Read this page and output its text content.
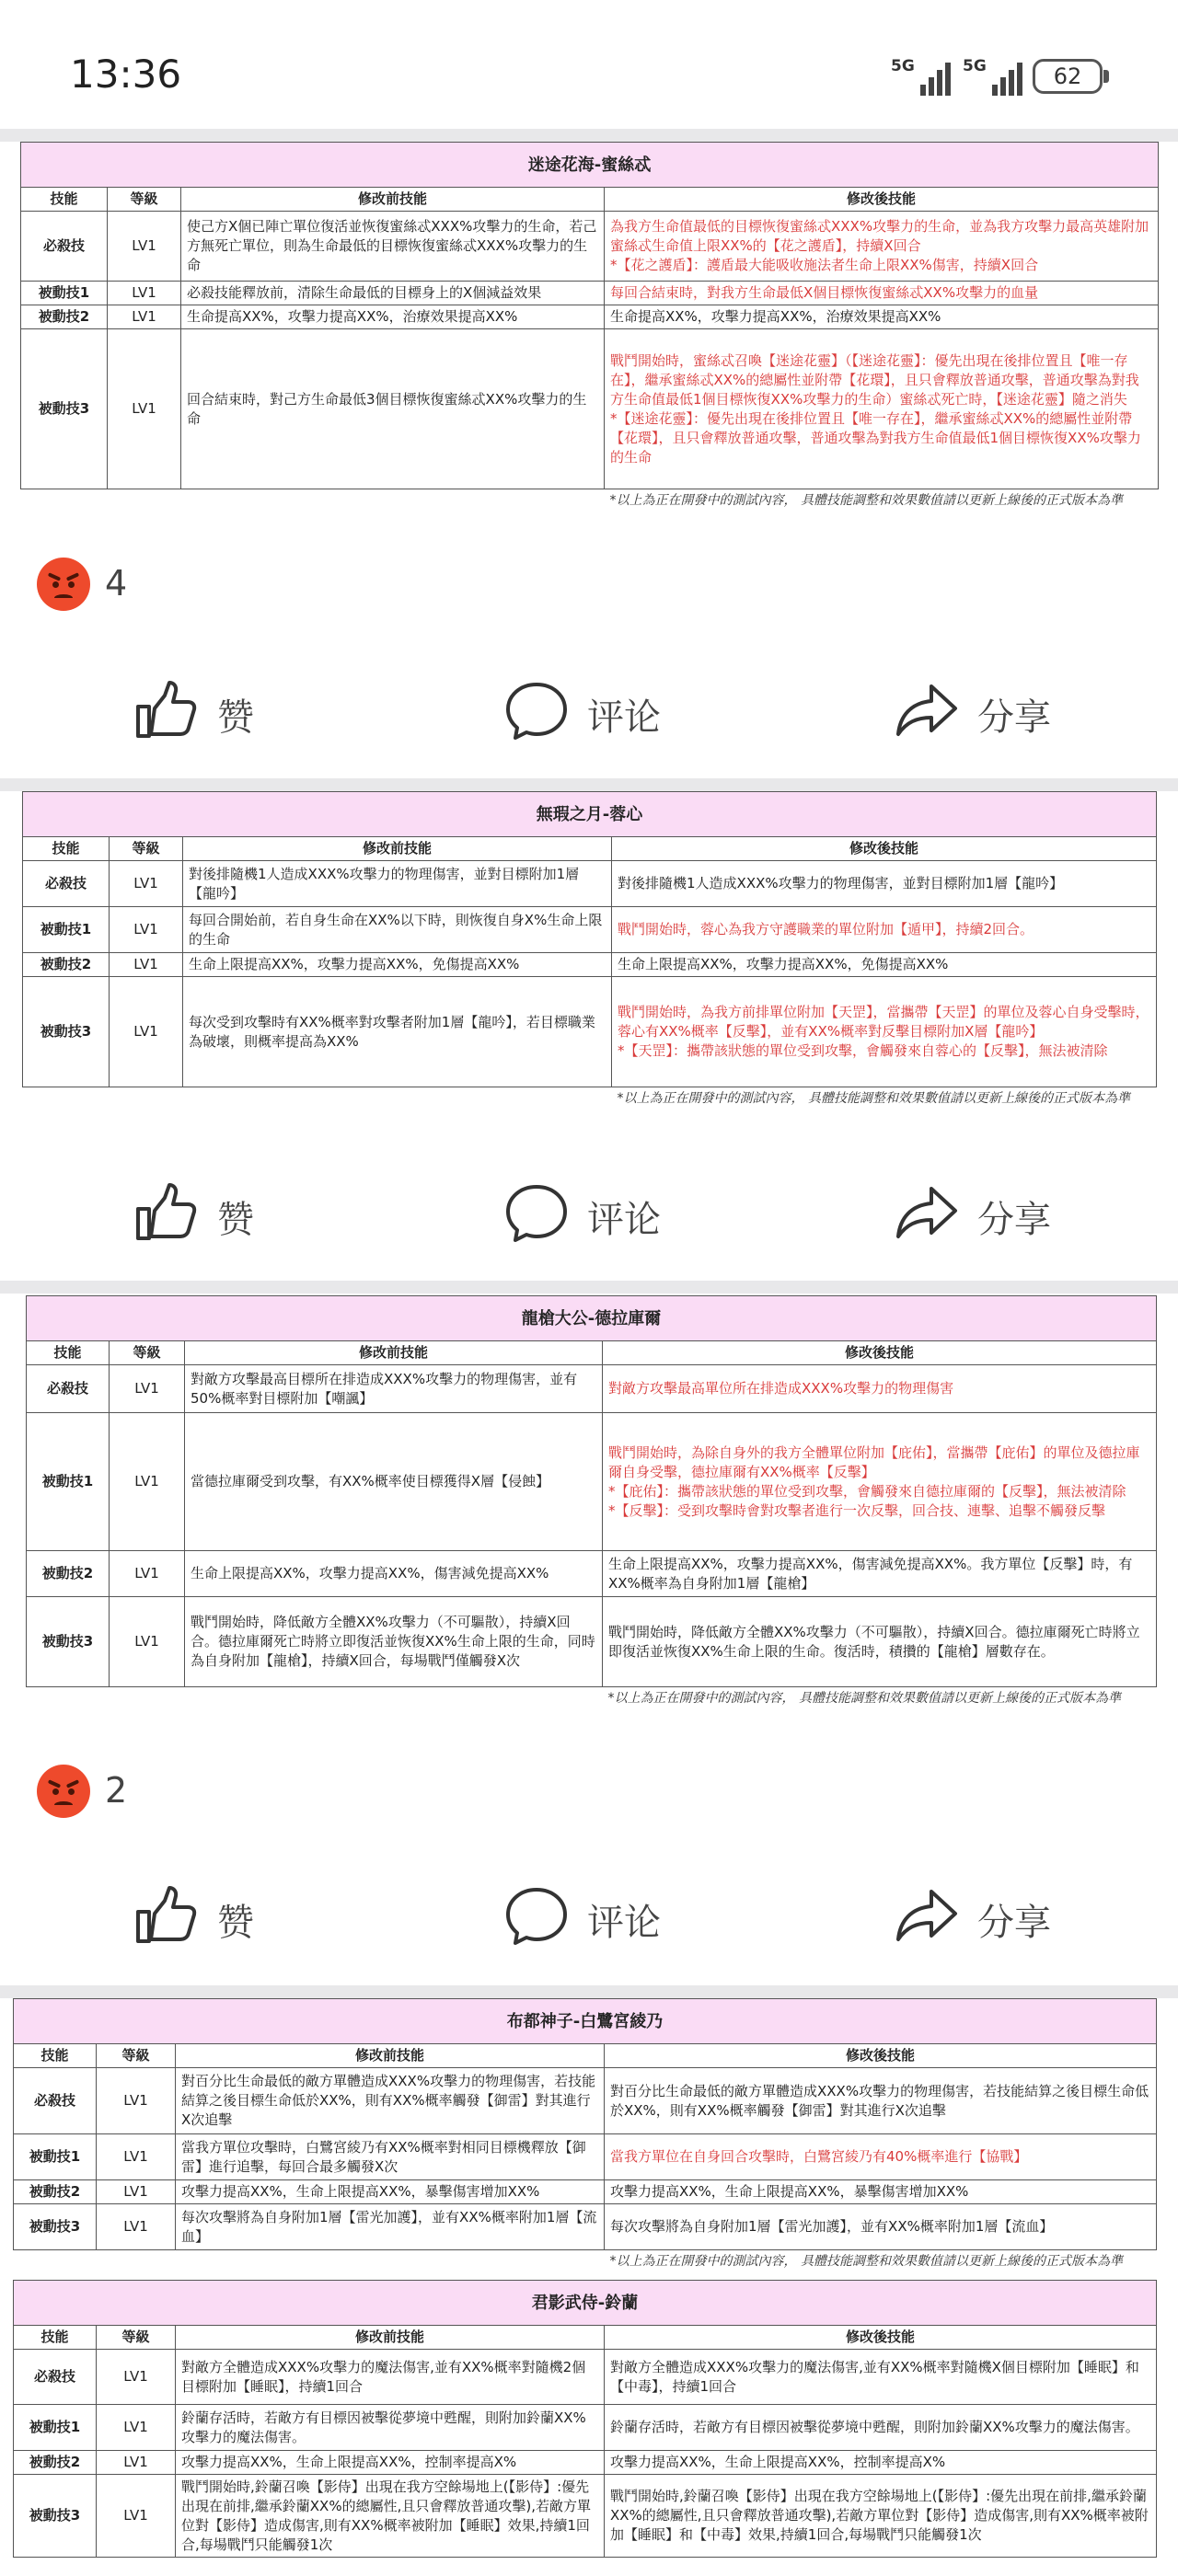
13:36	5G	5G	62
迷途花海-蜜絲忒			
技能	等級	修改前技能	修改後技能
必殺技	LV1	使己方X個已陣亡單位復活並恢復蜜絲忒XXX%攻擊力的生命，若己方無死亡單位，則為生命最低的目標恢復蜜絲忒XXX%攻擊力的生命	為我方生命值最低的目標恢復蜜絲忒XXX%攻擊力的生命，並為我方攻擊力最高英雄附加蜜絲忒生命值上限XX%的【花之護盾】，持續X回合
*【花之護盾】：護盾最大能吸收施法者生命上限XX%傷害，持續X回合
被動技1	LV1	必殺技能釋放前，清除生命最低的目標身上的X個減益效果	每回合結束時，對我方生命最低X個目標恢復蜜絲忒XX%攻擊力的血量
被動技2	LV1	生命提高XX%，攻擊力提高XX%，治療效果提高XX%	生命提高XX%，攻擊力提高XX%，治療效果提高XX%
被動技3	LV1	回合結束時，對己方生命最低3個目標恢復蜜絲忒XX%攻擊力的生命	戰鬥開始時，蜜絲忒召喚【迷途花靈】（【迷途花靈】：優先出現在後排位置且【唯一存在】，繼承蜜絲忒XX%的總屬性並附帶【花環】，且只會釋放普通攻擊，普通攻擊為對我方生命值最低1個目標恢復XX%攻擊力的生命）蜜絲忒死亡時，【迷途花靈】隨之消失
*【迷途花靈】：優先出現在後排位置且【唯一存在】，繼承蜜絲忒XX%的總屬性並附帶【花環】，且只會釋放普通攻擊，普通攻擊為對我方生命值最低1個目標恢復XX%攻擊力的生命
			*以上為正在開發中的測試內容， 具體技能調整和效果數值請以更新上線後的正式版本為準
4
赞	评论	分享
無瑕之月-蓉心			
技能	等級	修改前技能	修改後技能
必殺技	LV1	對後排隨機1人造成XXX%攻擊力的物理傷害，並對目標附加1層【龍吟】	對後排隨機1人造成XXX%攻擊力的物理傷害，並對目標附加1層【龍吟】
被動技1	LV1	每回合開始前，若自身生命在XX%以下時，則恢復自身X%生命上限的生命	戰鬥開始時，蓉心為我方守護職業的單位附加【遁甲】，持續2回合。
被動技2	LV1	生命上限提高XX%，攻擊力提高XX%，免傷提高XX%	生命上限提高XX%，攻擊力提高XX%，免傷提高XX%
被動技3	LV1	每次受到攻擊時有XX%概率對攻擊者附加1層【龍吟】，若目標職業為破壞，則概率提高為XX%	戰鬥開始時，為我方前排單位附加【天罡】，當攜帶【天罡】的單位及蓉心自身受擊時，蓉心有XX%概率【反擊】，並有XX%概率對反擊目標附加X層【龍吟】
*【天罡】：攜帶該狀態的單位受到攻擊，會觸發來自蓉心的【反擊】，無法被清除
			*以上為正在開發中的測試內容， 具體技能調整和效果數值請以更新上線後的正式版本為準
赞	评论	分享
龍槍大公-德拉庫爾			
技能	等級	修改前技能	修改後技能
必殺技	LV1	對敵方攻擊最高目標所在排造成XXX%攻擊力的物理傷害，並有50%概率對目標附加【嘲諷】	對敵方攻擊最高單位所在排造成XXX%攻擊力的物理傷害
被動技1	LV1	當德拉庫爾受到攻擊，有XX%概率使目標獲得X層【侵蝕】	戰鬥開始時，為除自身外的我方全體單位附加【庇佑】，當攜帶【庇佑】的單位及德拉庫爾自身受擊，德拉庫爾有XX%概率【反擊】
*【庇佑】：攜帶該狀態的單位受到攻擊，會觸發來自德拉庫爾的【反擊】，無法被清除
*【反擊】：受到攻擊時會對攻擊者進行一次反擊，回合技、連擊、追擊不觸發反擊
被動技2	LV1	生命上限提高XX%，攻擊力提高XX%，傷害減免提高XX%	生命上限提高XX%，攻擊力提高XX%，傷害減免提高XX%。我方單位【反擊】時，有XX%概率為自身附加1層【龍槍】
被動技3	LV1	戰鬥開始時，降低敵方全體XX%攻擊力（不可驅散），持續X回合。德拉庫爾死亡時將立即復活並恢復XX%生命上限的生命，同時為自身附加【龍槍】，持續X回合，每場戰鬥僅觸發X次	戰鬥開始時，降低敵方全體XX%攻擊力（不可驅散），持續X回合。德拉庫爾死亡時將立即復活並恢復XX%生命上限的生命。復活時，積攢的【龍槍】層數存在。
			*以上為正在開發中的測試內容， 具體技能調整和效果數值請以更新上線後的正式版本為準
2
赞	评论	分享
布都神子-白鷺宮綾乃			
技能	等級	修改前技能	修改後技能
必殺技	LV1	對百分比生命最低的敵方單體造成XXX%攻擊力的物理傷害，若技能結算之後目標生命低於XX%，則有XX%概率觸發【御雷】對其進行X次追擊	對百分比生命最低的敵方單體造成XXX%攻擊力的物理傷害，若技能結算之後目標生命低於XX%，則有XX%概率觸發【御雷】對其進行X次追擊
被動技1	LV1	當我方單位攻擊時，白鷺宮綾乃有XX%概率對相同目標機釋放【御雷】進行追擊，每回合最多觸發X次	當我方單位在自身回合攻擊時，白鷺宮綾乃有40%概率進行【協戰】
被動技2	LV1	攻擊力提高XX%，生命上限提高XX%，暴擊傷害增加XX%	攻擊力提高XX%，生命上限提高XX%，暴擊傷害增加XX%
被動技3	LV1	每次攻擊將為自身附加1層【雷光加護】，並有XX%概率附加1層【流血】	每次攻擊將為自身附加1層【雷光加護】，並有XX%概率附加1層【流血】
			*以上為正在開發中的測試內容， 具體技能調整和效果數值請以更新上線後的正式版本為準
君影武侍-鈴蘭			
技能	等級	修改前技能	修改後技能
必殺技	LV1	對敵方全體造成XXX%攻擊力的魔法傷害,並有XX%概率對隨機2個目標附加【睡眠】，持續1回合	對敵方全體造成XXX%攻擊力的魔法傷害,並有XX%概率對隨機X個目標附加【睡眠】和【中毒】，持續1回合
被動技1	LV1	鈴蘭存活時，若敵方有目標因被擊從夢境中甦醒，則附加鈴蘭XX%攻擊力的魔法傷害。	鈴蘭存活時，若敵方有目標因被擊從夢境中甦醒，則附加鈴蘭XX%攻擊力的魔法傷害。
被動技2	LV1	攻擊力提高XX%，生命上限提高XX%，控制率提高X%	攻擊力提高XX%，生命上限提高XX%，控制率提高X%
被動技3	LV1	戰鬥開始時,鈴蘭召喚【影侍】出現在我方空餘場地上(【影侍】:優先出現在前排,繼承鈴蘭XX%的總屬性,且只會釋放普通攻擊),若敵方單位對【影侍】造成傷害,則有XX%概率被附加【睡眠】效果,持續1回合,每場戰鬥只能觸發1次	戰鬥開始時,鈴蘭召喚【影侍】出現在我方空餘場地上(【影侍】:優先出現在前排,繼承鈴蘭XX%的總屬性,且只會釋放普通攻擊),若敵方單位對【影侍】造成傷害,則有XX%概率被附加【睡眠】和【中毒】效果,持續1回合,每場戰鬥只能觸發1次
